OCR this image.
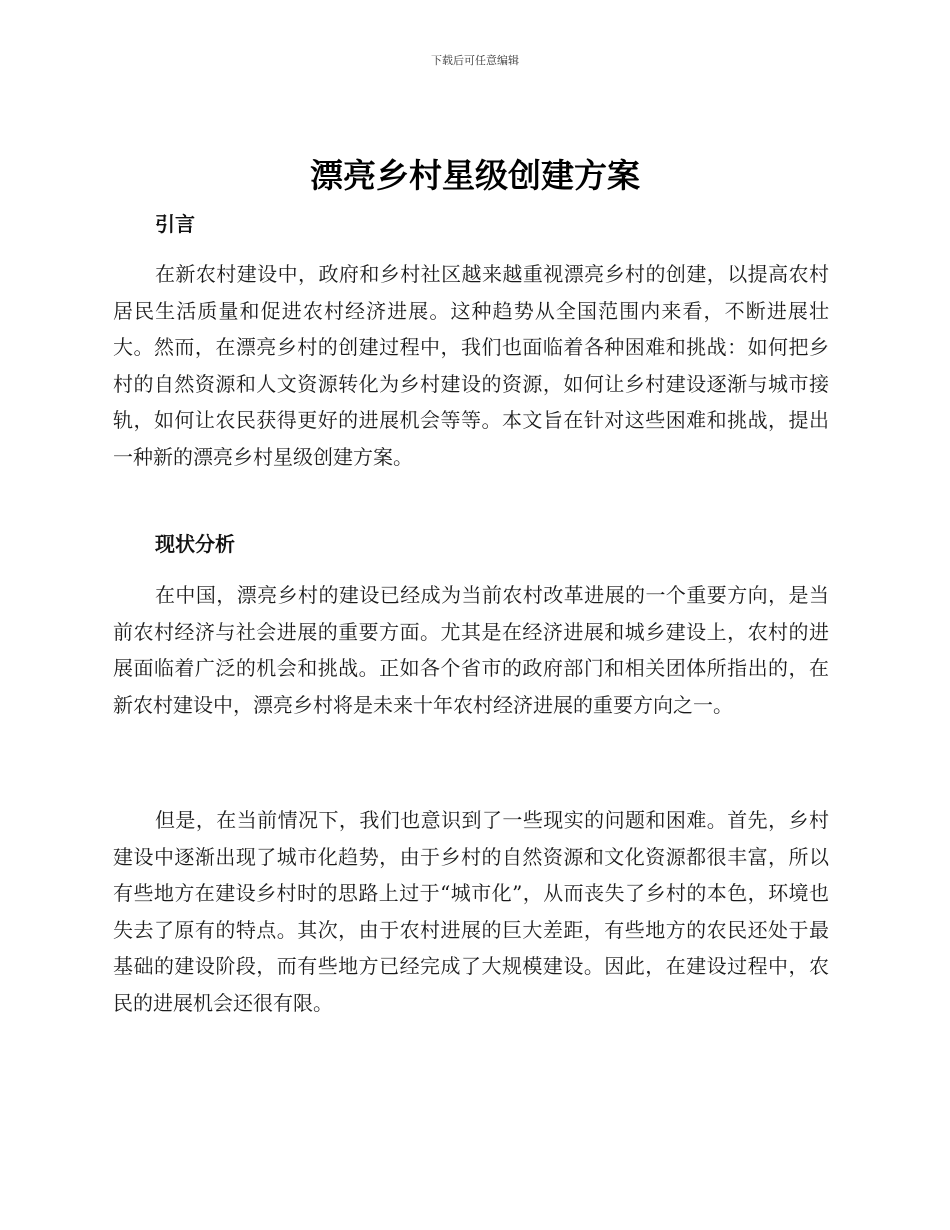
下载后可任意编辑
漂亮乡村星级创建方案
引言

在新农村建设中，政府和乡村社区越来越重视漂亮乡村的创建，以提高农村居民生活质量和促进农村经济进展。这种趋势从全国范围内来看，不断进展壮大。然而，在漂亮乡村的创建过程中，我们也面临着各种困难和挑战：如何把乡村的自然资源和人文资源转化为乡村建设的资源，如何让乡村建设逐渐与城市接轨，如何让农民获得更好的进展机会等等。本文旨在针对这些困难和挑战，提出一种新的漂亮乡村星级创建方案。

现状分析

在中国，漂亮乡村的建设已经成为当前农村改革进展的一个重要方向，是当前农村经济与社会进展的重要方面。尤其是在经济进展和城乡建设上，农村的进展面临着广泛的机会和挑战。正如各个省市的政府部门和相关团体所指出的，在新农村建设中，漂亮乡村将是未来十年农村经济进展的重要方向之一。

但是，在当前情况下，我们也意识到了一些现实的问题和困难。首先，乡村建设中逐渐出现了城市化趋势，由于乡村的自然资源和文化资源都很丰富，所以有些地方在建设乡村时的思路上过于“城市化”，从而丧失了乡村的本色，环境也失去了原有的特点。其次，由于农村进展的巨大差距，有些地方的农民还处于最基础的建设阶段，而有些地方已经完成了大规模建设。因此，在建设过程中，农民的进展机会还很有限。
